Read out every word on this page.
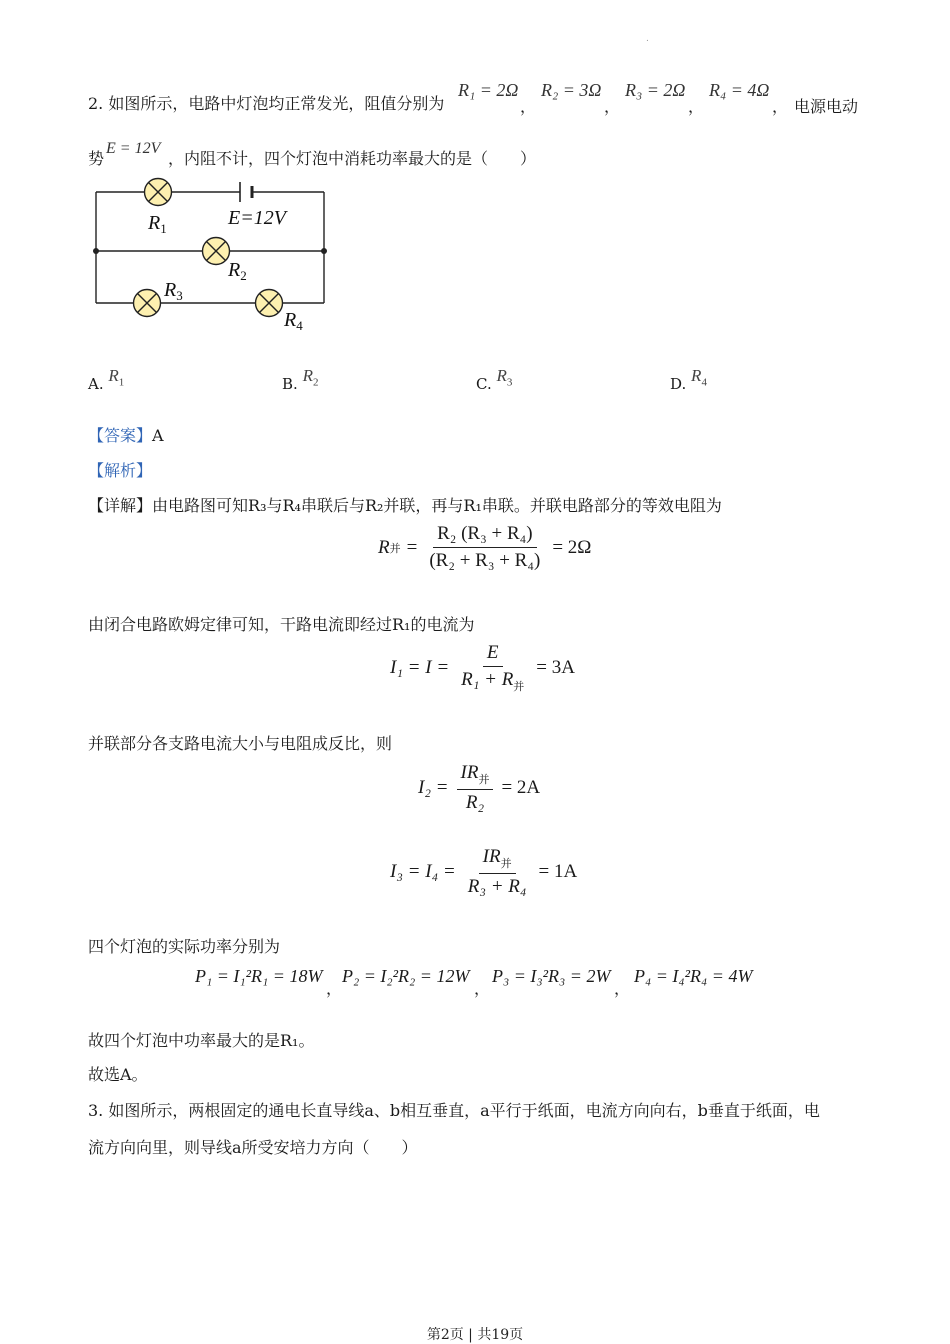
.
2. 如图所示，电路中灯泡均正常发光，阻值分别为
R₁ = 2Ω
，
R₂ = 3Ω
，
R₃ = 2Ω
，
R₄ = 4Ω
， 电源电动
势
E = 12V
，内阻不计，四个灯泡中消耗功率最大的是（　　）
$R_1$	E=12V
$R_2$
$R_3$
$R_4$
A. $R_1$	B. $R_2$	C. $R_3$	D. $R_4$
【答案】A
【解析】
【详解】由电路图可知R₃与R₄串联后与R₂并联，再与R₁串联。并联电路部分的等效电阻为
R 并 = $\frac{\text{R₂ (R₃ + R₄)}}{\text{(R₂ + R₃ + R₄)}} = 2\Omega$
由闭合电路欧姆定律可知，干路电流即经过R₁的电流为
$I_1 = I = \frac{E}{R_1 + R_并} = 3A$
并联部分各支路电流大小与电阻成反比，则
$I_2 = \frac{IR_并}{\text{R₂}} = 2A$
$I_3 = I_4 = \frac{IR_并}{\text{R₃ + R₄}} = 1A$
四个灯泡的实际功率分别为
P₁ = I₁²R₁ = 18W
，
P₂ = I₂²R₂ = 12W
，
P₃ = I₃²R₃ = 2W
，
P₄ = I₄²R₄ = 4W
故四个灯泡中功率最大的是R₁。
故选A。
3. 如图所示，两根固定的通电长直导线a、b相互垂直，a平行于纸面，电流方向向右，b垂直于纸面，电
流方向向里，则导线a所受安培力方向（　　）
第2页 | 共19页
